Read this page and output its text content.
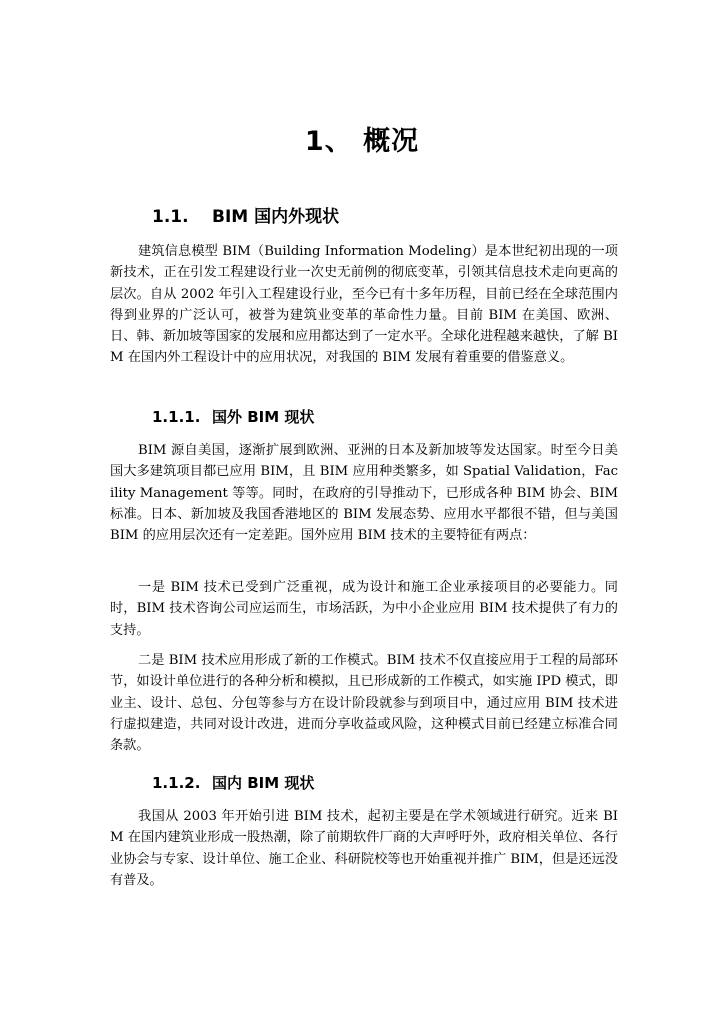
1、 概况
1.1. BIM 国内外现状

建筑信息模型 BIM（Building Information Modeling）是本世纪初出现的一项新技术，正在引发工程建设行业一次史无前例的彻底变革，引领其信息技术走向更高的层次。自从 2002 年引入工程建设行业，至今已有十多年历程，目前已经在全球范围内得到业界的广泛认可，被誉为建筑业变革的革命性力量。目前 BIM 在美国、欧洲、日、韩、新加坡等国家的发展和应用都达到了一定水平。全球化进程越来越快，了解 BIM 在国内外工程设计中的应用状况，对我国的 BIM 发展有着重要的借鉴意义。

1.1.1. 国外 BIM 现状

BIM 源自美国，逐渐扩展到欧洲、亚洲的日本及新加坡等发达国家。时至今日美国大多建筑项目都已应用 BIM，且 BIM 应用种类繁多，如 Spatial Validation，Facility Management 等等。同时，在政府的引导推动下，已形成各种 BIM 协会、BIM 标准。日本、新加坡及我国香港地区的 BIM 发展态势、应用水平都很不错，但与美国 BIM 的应用层次还有一定差距。国外应用 BIM 技术的主要特征有两点：

一是 BIM 技术已受到广泛重视，成为设计和施工企业承接项目的必要能力。同时，BIM 技术咨询公司应运而生，市场活跃，为中小企业应用 BIM 技术提供了有力的支持。

二是 BIM 技术应用形成了新的工作模式。BIM 技术不仅直接应用于工程的局部环节，如设计单位进行的各种分析和模拟，且已形成新的工作模式，如实施 IPD 模式，即业主、设计、总包、分包等参与方在设计阶段就参与到项目中，通过应用 BIM 技术进行虚拟建造，共同对设计改进，进而分享收益或风险，这种模式目前已经建立标准合同条款。

1.1.2. 国内 BIM 现状

我国从 2003 年开始引进 BIM 技术，起初主要是在学术领域进行研究。近来 BIM 在国内建筑业形成一股热潮，除了前期软件厂商的大声呼吁外，政府相关单位、各行业协会与专家、设计单位、施工企业、科研院校等也开始重视并推广 BIM，但是还远没有普及。
